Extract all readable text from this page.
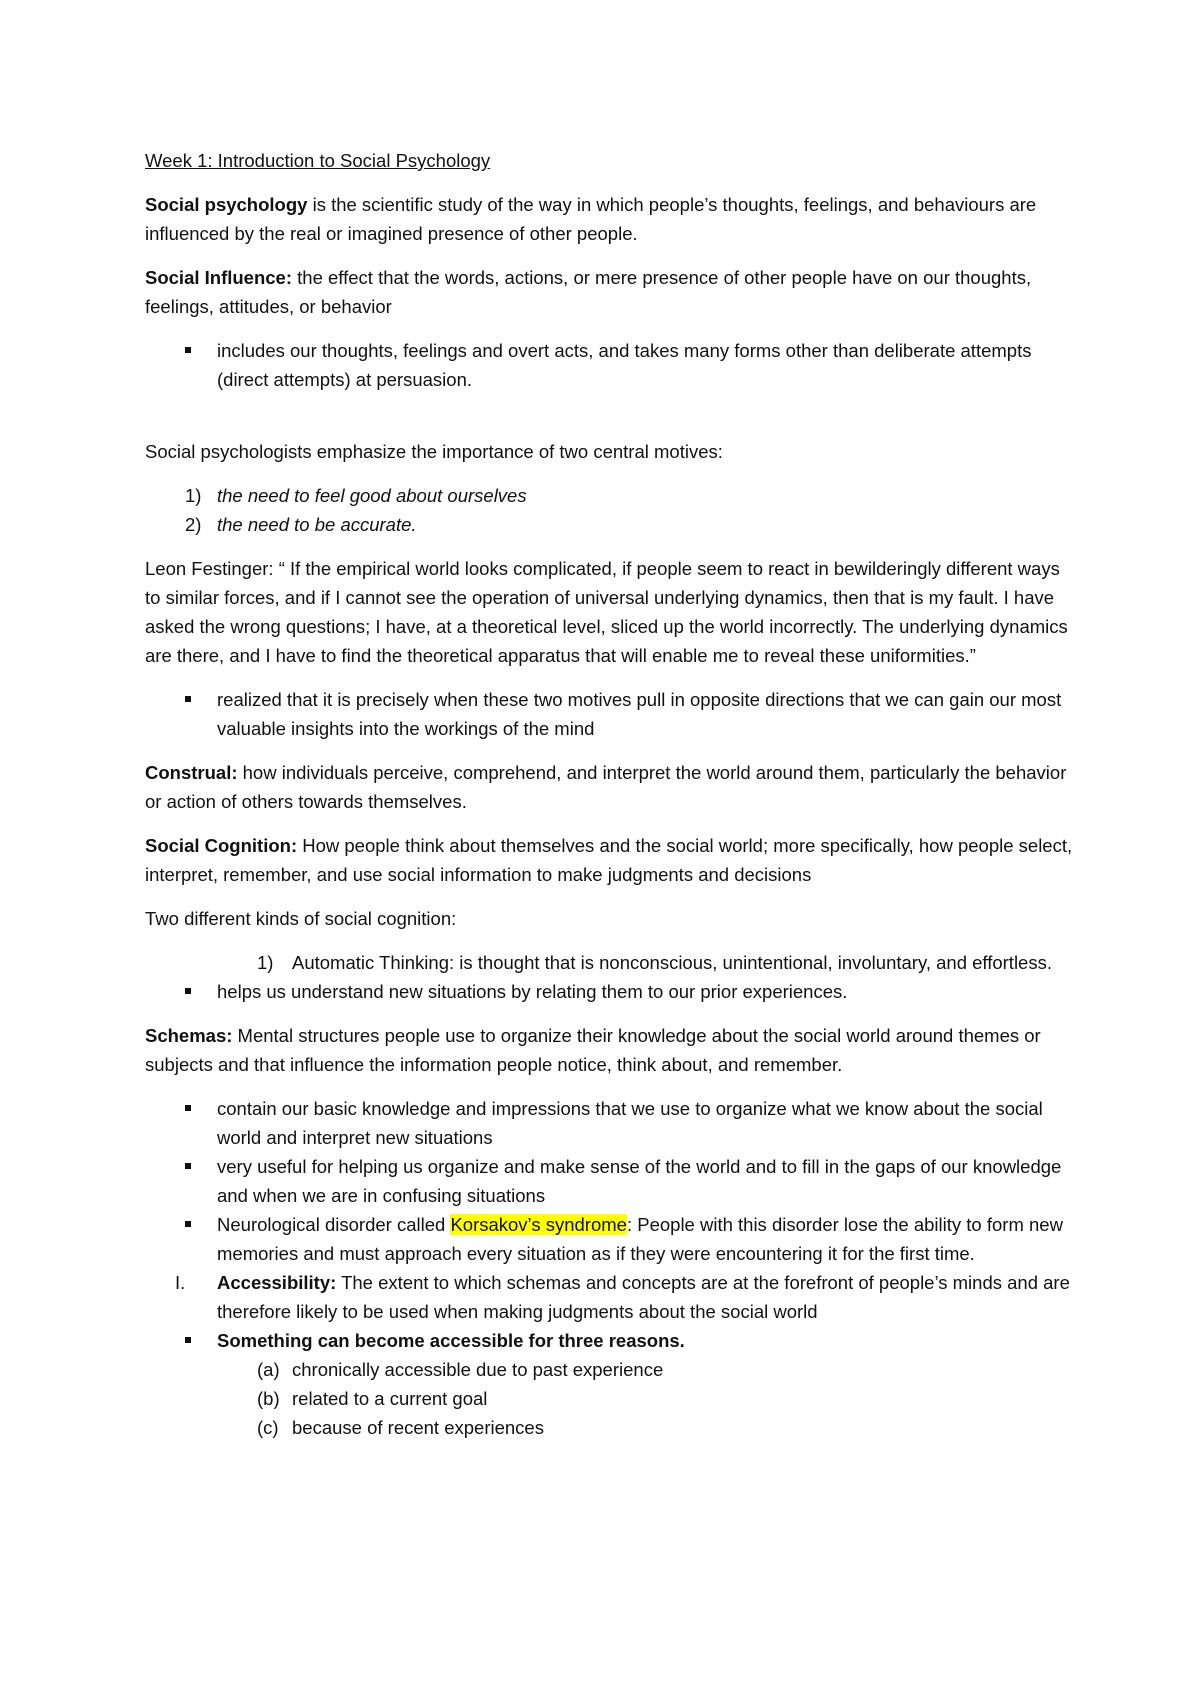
Week 1: Introduction to Social Psychology

Social psychology is the scientific study of the way in which people’s thoughts, feelings, and behaviours are influenced by the real or imagined presence of other people.

Social Influence: the effect that the words, actions, or mere presence of other people have on our thoughts, feelings, attitudes, or behavior

includes our thoughts, feelings and overt acts, and takes many forms other than deliberate attempts (direct attempts) at persuasion.

Social psychologists emphasize the importance of two central motives:

1) the need to feel good about ourselves
2) the need to be accurate.

Leon Festinger: “ If the empirical world looks complicated, if people seem to react in bewilderingly different ways to similar forces, and if I cannot see the operation of universal underlying dynamics, then that is my fault. I have asked the wrong questions; I have, at a theoretical level, sliced up the world incorrectly. The underlying dynamics are there, and I have to find the theoretical apparatus that will enable me to reveal these uniformities.”

realized that it is precisely when these two motives pull in opposite directions that we can gain our most valuable insights into the workings of the mind

Construal: how individuals perceive, comprehend, and interpret the world around them, particularly the behavior or action of others towards themselves.

Social Cognition: How people think about themselves and the social world; more specifically, how people select, interpret, remember, and use social information to make judgments and decisions

Two different kinds of social cognition:

1) Automatic Thinking: is thought that is nonconscious, unintentional, involuntary, and effortless.
helps us understand new situations by relating them to our prior experiences.

Schemas: Mental structures people use to organize their knowledge about the social world around themes or subjects and that influence the information people notice, think about, and remember.

contain our basic knowledge and impressions that we use to organize what we know about the social world and interpret new situations
very useful for helping us organize and make sense of the world and to fill in the gaps of our knowledge and when we are in confusing situations
Neurological disorder called Korsakov’s syndrome: People with this disorder lose the ability to form new memories and must approach every situation as if they were encountering it for the first time.
I. Accessibility: The extent to which schemas and concepts are at the forefront of people’s minds and are therefore likely to be used when making judgments about the social world
Something can become accessible for three reasons.
(a) chronically accessible due to past experience
(b) related to a current goal
(c) because of recent experiences
